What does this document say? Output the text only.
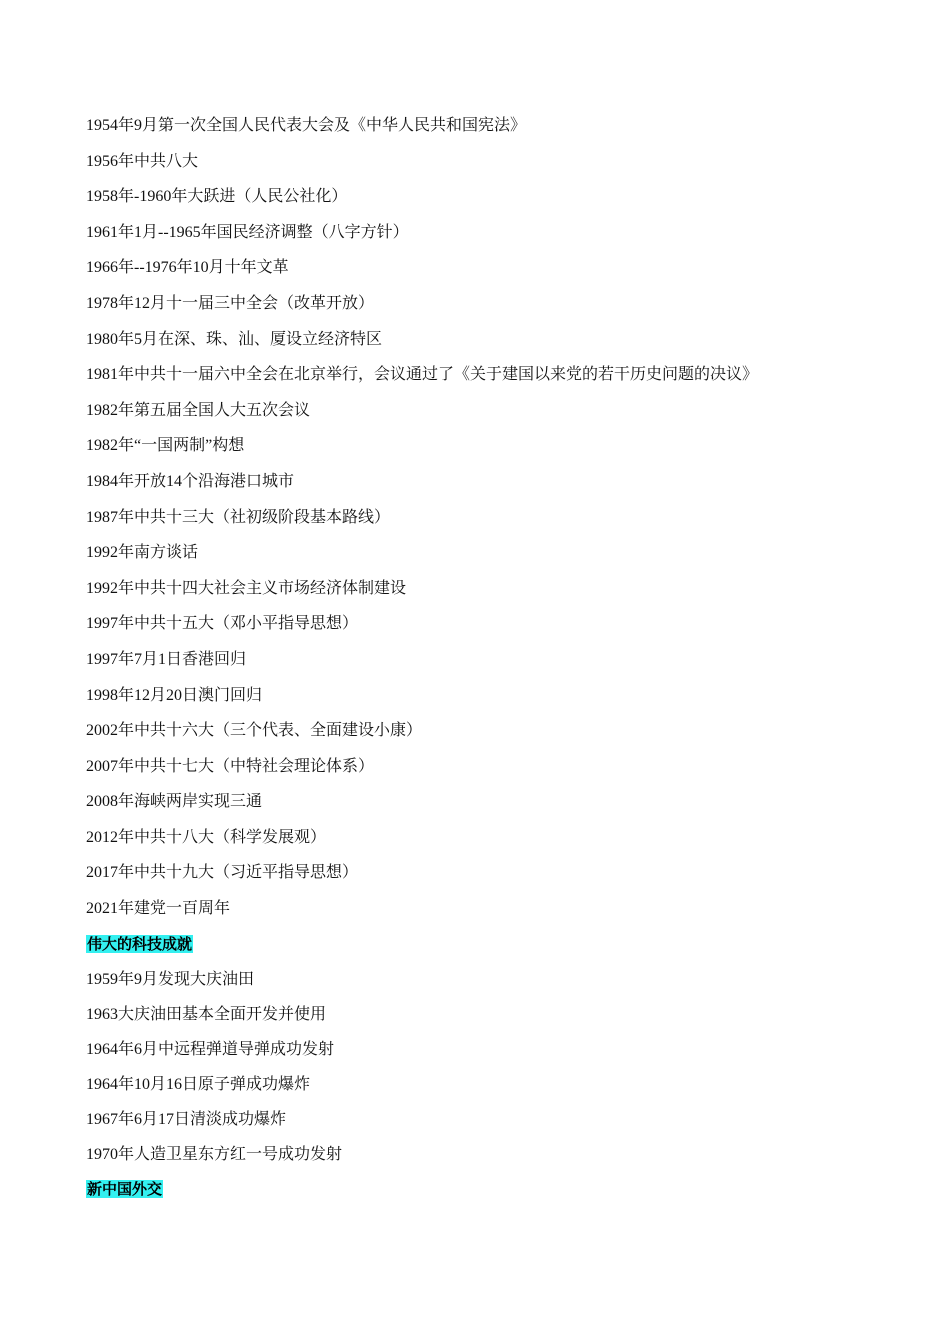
1954年9月第一次全国人民代表大会及《中华人民共和国宪法》
1956年中共八大
1958年-1960年大跃进（人民公社化）
1961年1月--1965年国民经济调整（八字方针）
1966年--1976年10月十年文革
1978年12月十一届三中全会（改革开放）
1980年5月在深、珠、汕、厦设立经济特区
1981年中共十一届六中全会在北京举行，会议通过了《关于建国以来党的若干历史问题的决议》
1982年第五届全国人大五次会议
1982年“一国两制”构想
1984年开放14个沿海港口城市
1987年中共十三大（社初级阶段基本路线）
1992年南方谈话
1992年中共十四大社会主义市场经济体制建设
1997年中共十五大（邓小平指导思想）
1997年7月1日香港回归
1998年12月20日澳门回归
2002年中共十六大（三个代表、全面建设小康）
2007年中共十七大（中特社会理论体系）
2008年海峡两岸实现三通
2012年中共十八大（科学发展观）
2017年中共十九大（习近平指导思想）
2021年建党一百周年
伟大的科技成就
1959年9月发现大庆油田
1963大庆油田基本全面开发并使用
1964年6月中远程弹道导弹成功发射
1964年10月16日原子弹成功爆炸
1967年6月17日清淡成功爆炸
1970年人造卫星东方红一号成功发射
新中国外交
